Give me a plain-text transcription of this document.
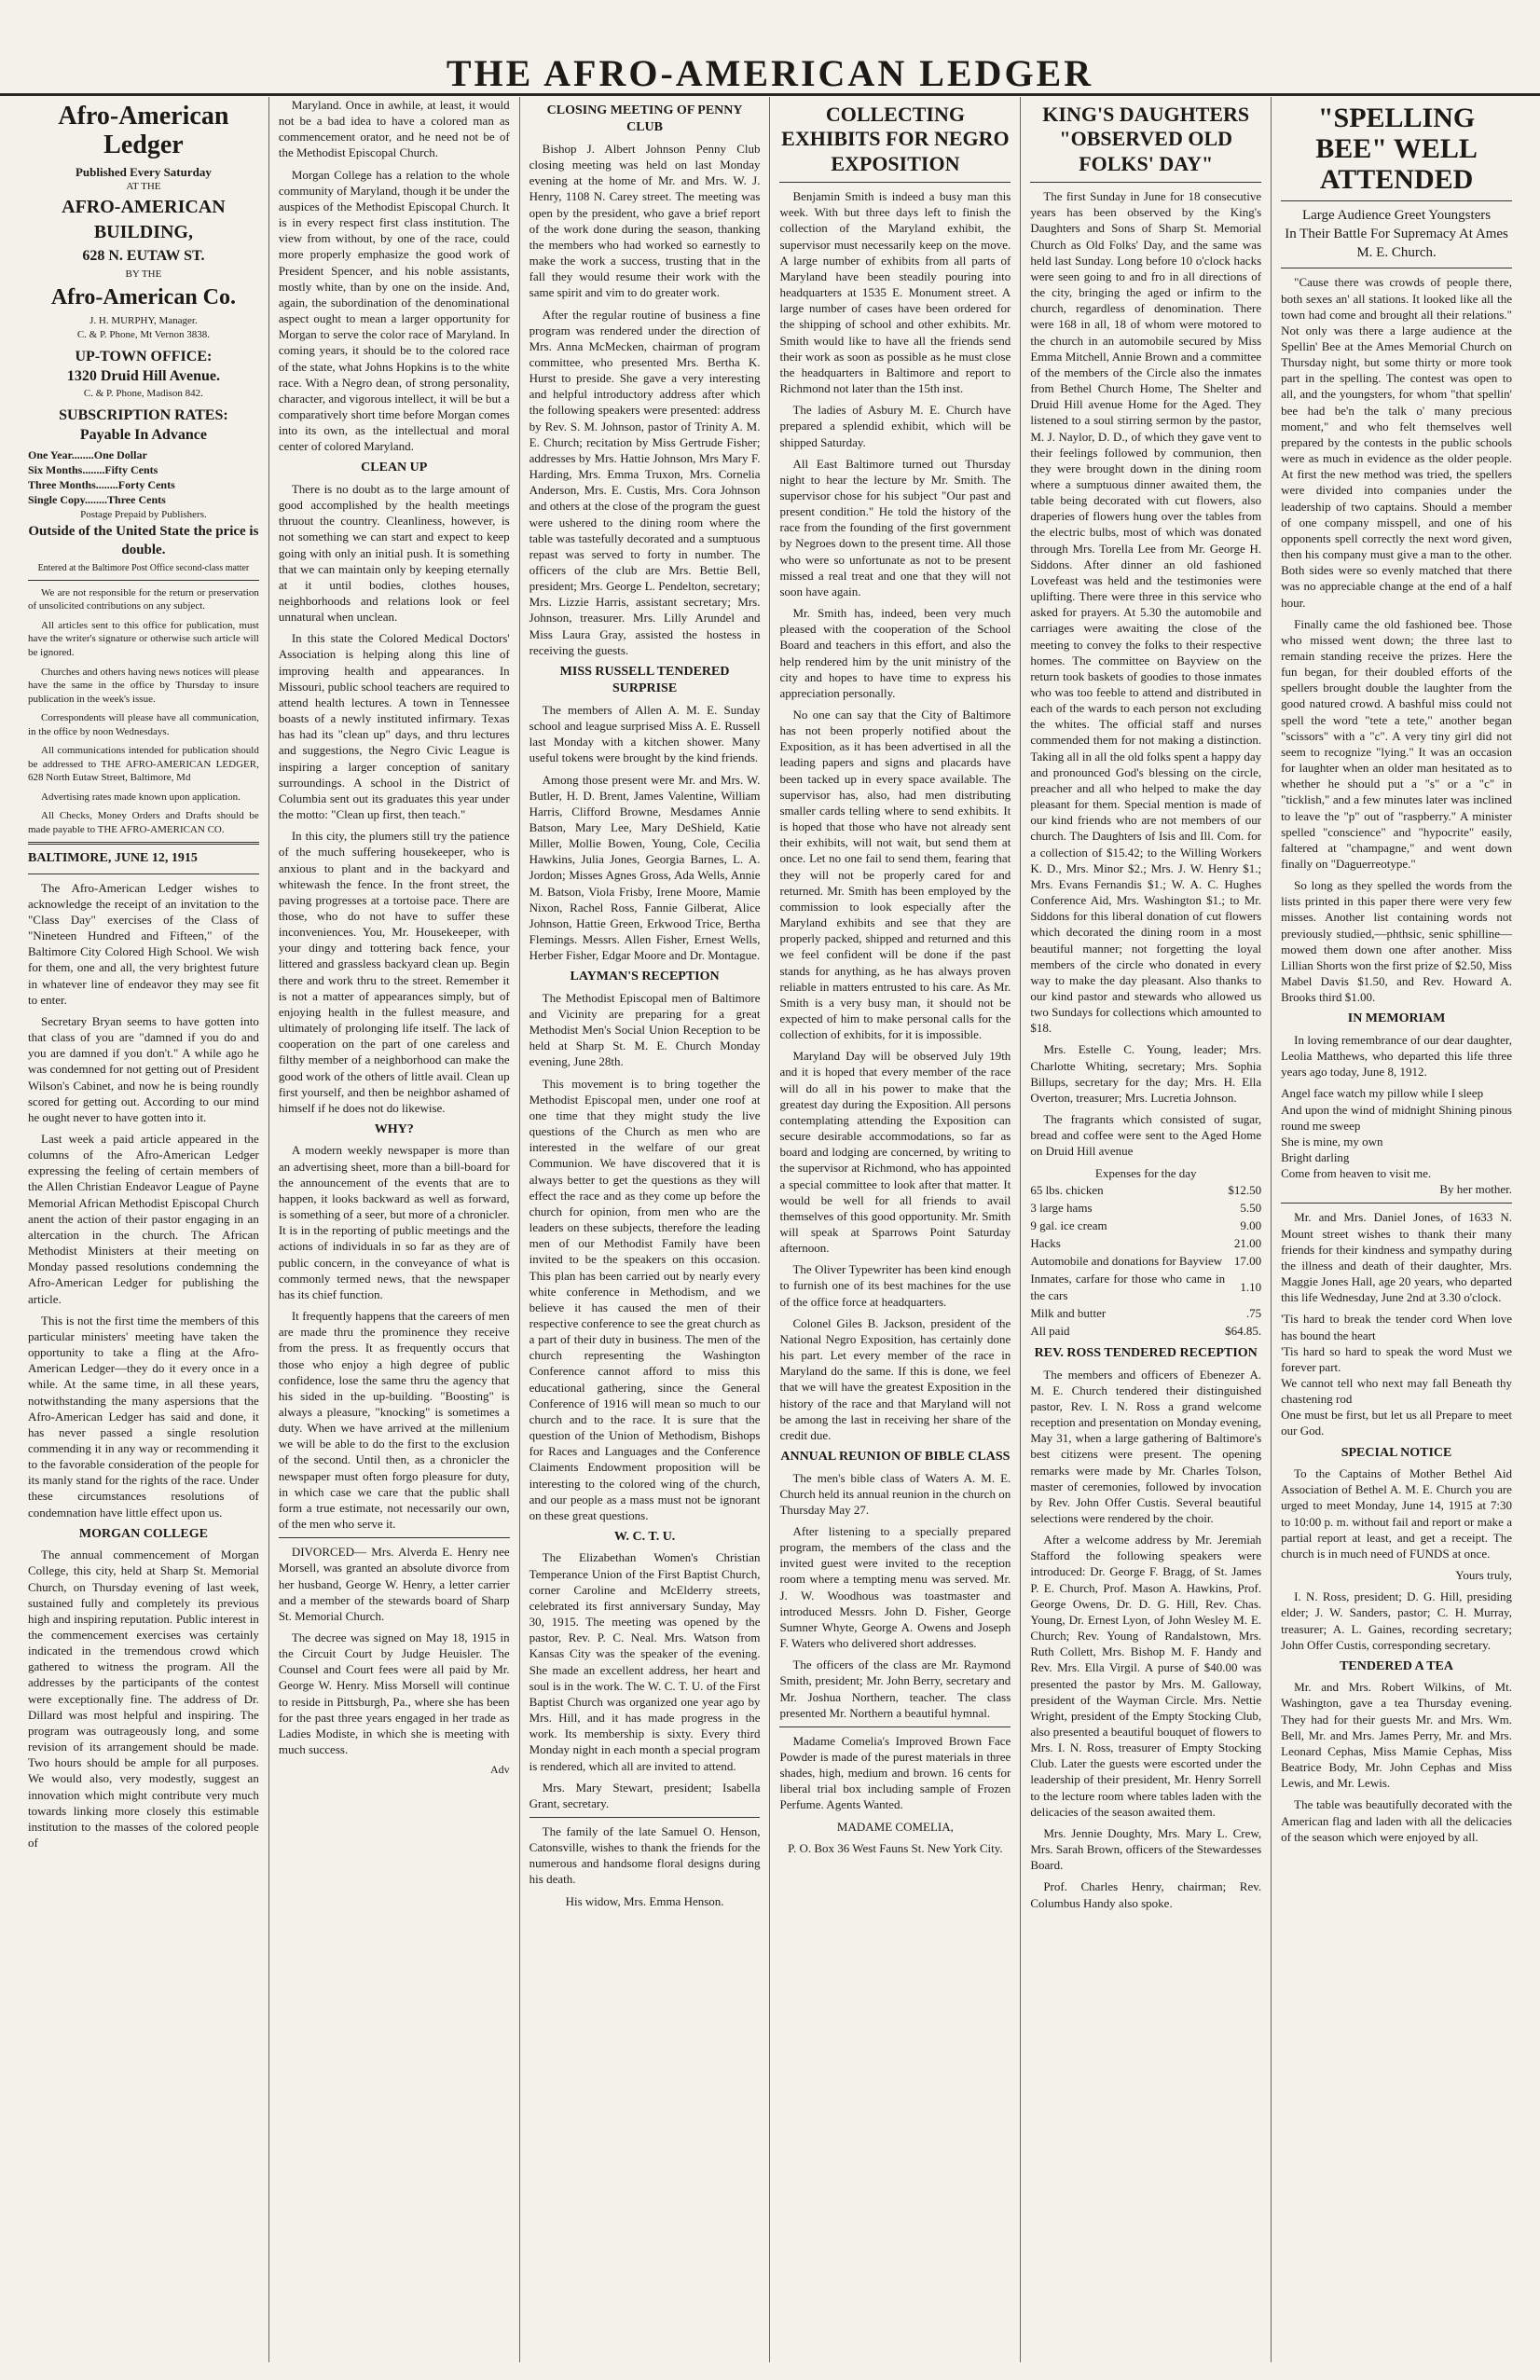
THE AFRO-AMERICAN LEDGER
Afro-American Ledger
Published Every Saturday
AT THE
AFRO-AMERICAN BUILDING,
628 N. EUTAW ST.
BY THE
Afro-American Co.
J. H. MURPHY, Manager.
C. & P. Phone, Mt Vernon 3838.
UP-TOWN OFFICE:
1320 Druid Hill Avenue.
C. & P. Phone, Madison 842.
SUBSCRIPTION RATES:
Payable In Advance
One Year........One Dollar
Six Months........Fifty Cents
Three Months........Forty Cents
Single Copy........Three Cents
Postage Prepaid by Publishers.
Outside of the United State the price is double.
Entered at the Baltimore Post Office second-class matter

We are not responsible for the return or preservation of unsolicited contributions on any subject.

All articles sent to this office for publication, must have the writer's signature or otherwise such article will be ignored.

Churches and others having news notices will please have the same in the office by Thursday to insure publication in the week's issue.

Correspondents will please have all communication, in the office by noon Wednesdays.

All communications intended for publication should be addressed to THE AFRO-AMERICAN LEDGER, 628 North Eutaw Street, Baltimore, Md

Advertising rates made known upon application.

All Checks, Money Orders and Drafts should be made payable to THE AFRO-AMERICAN CO.

BALTIMORE, JUNE 12, 1915

The Afro-American Ledger wishes to acknowledge the receipt of an invitation to the "Class Day" exercises of the Class of "Nineteen Hundred and Fifteen," of the Baltimore City Colored High School. We wish for them, one and all, the very brightest future in whatever line of endeavor they may see fit to enter.

Secretary Bryan seems to have gotten into that class of you are "damned if you do and you are damned if you don't." A while ago he was condemned for not getting out of President Wilson's Cabinet, and now he is being roundly scored for getting out. According to our mind he ought never to have gotten into it.

Last week a paid article appeared in the columns of the Afro-American Ledger expressing the feeling of certain members of the Allen Christian Endeavor League of Payne Memorial African Methodist Episcopal Church anent the action of their pastor engaging in an altercation in the church. The African Methodist Ministers at their meeting on Monday passed resolutions condemning the Afro-American Ledger for publishing the article.

This is not the first time the members of this particular ministers' meeting have taken the opportunity to take a fling at the Afro-American Ledger—they do it every once in a while. At the same time, in all these years, notwithstanding the many aspersions that the Afro-American Ledger has said and done, it has never passed a single resolution commending it in any way or recommending it to the favorable consideration of the people for its manly stand for the rights of the race. Under these circumstances resolutions of condemnation have little effect upon us.

MORGAN COLLEGE

The annual commencement of Morgan College, this city, held at Sharp St. Memorial Church, on Thursday evening of last week, sustained fully and completely its previous high and inspiring reputation. Public interest in the commencement exercises was certainly indicated in the tremendous crowd which gathered to witness the program. All the addresses by the participants of the contest were exceptionally fine. The address of Dr. Dillard was most helpful and inspiring. The program was outrageously long, and some revision of its arrangement should be made. Two hours should be ample for all purposes. We would also, very modestly, suggest an innovation which might contribute very much towards linking more closely this estimable institution to the masses of the colored people of

Maryland. Once in awhile, at least, it would not be a bad idea to have a colored man as commencement orator, and he need not be of the Methodist Episcopal Church.

Morgan College has a relation to the whole community of Maryland, though it be under the auspices of the Methodist Episcopal Church. It is in every respect first class institution. The view from without, by one of the race, could more properly emphasize the good work of President Spencer, and his noble assistants, mostly white, than by one on the inside. And, again, the subordination of the denominational aspect ought to mean a larger opportunity for Morgan to serve the color race of Maryland. In coming years, it should be to the colored race of the state, what Johns Hopkins is to the white race. With a Negro dean, of strong personality, character, and vigorous intellect, it will be but a comparatively short time before Morgan comes into its own, as the intellectual and moral center of colored Maryland.

CLEAN UP

There is no doubt as to the large amount of good accomplished by the health meetings thruout the country. Cleanliness, however, is not something we can start and expect to keep going with only an initial push. It is something that we can maintain only by keeping eternally at it until bodies, clothes houses, neighborhoods and relations look or feel unnatural when unclean.

In this state the Colored Medical Doctors' Association is helping along this line of improving health and appearances. In Missouri, public school teachers are required to attend health lectures. A town in Tennessee boasts of a newly instituted infirmary. Texas has had its "clean up" days, and thru lectures and suggestions, the Negro Civic League is inspiring a larger conception of sanitary surroundings. A school in the District of Columbia sent out its graduates this year under the motto: "Clean up first, then teach."

In this city, the plumers still try the patience of the much suffering housekeeper, who is anxious to plant and in the backyard and whitewash the fence. In the front street, the paving progresses at a tortoise pace. There are those, who do not have to suffer these inconveniences. You, Mr. Housekeeper, with your dingy and tottering back fence, your littered and grassless backyard clean up. Begin there and work thru to the street. Remember it is not a matter of appearances simply, but of enjoying health in the fullest measure, and ultimately of prolonging life itself. The lack of cooperation on the part of one careless and filthy member of a neighborhood can make the good work of the others of little avail. Clean up first yourself, and then be neighbor ashamed of himself if he does not do likewise.

WHY?

A modern weekly newspaper is more than an advertising sheet, more than a bill-board for the announcement of the events that are to happen, it looks backward as well as forward, is something of a seer, but more of a chronicler. It is in the reporting of public meetings and the actions of individuals in so far as they are of public concern, in the conveyance of what is commonly termed news, that the newspaper has its chief function.

It frequently happens that the careers of men are made thru the prominence they receive from the press. It as frequently occurs that those who enjoy a high degree of public confidence, lose the same thru the agency that his sided in the up-building. "Boosting" is always a pleasure, "knocking" is sometimes a duty. When we have arrived at the millenium we will be able to do the first to the exclusion of the second. Until then, as a chronicler the newspaper must often forgo pleasure for duty, in which case we care that the public shall form a true estimate, not necessarily our own, of the men who serve it.

DIVORCED— Mrs. Alverda E. Henry nee Morsell, was granted an absolute divorce from her husband, George W. Henry, a letter carrier and a member of the stewards board of Sharp St. Memorial Church.

The decree was signed on May 18, 1915 in the Circuit Court by Judge Heuisler. The Counsel and Court fees were all paid by Mr. George W. Henry. Miss Morsell will continue to reside in Pittsburgh, Pa., where she has been for the past three years engaged in her trade as Ladies Modiste, in which she is meeting with much success.

Adv
CLOSING MEETING OF PENNY CLUB

Bishop J. Albert Johnson Penny Club closing meeting was held on last Monday evening at the home of Mr. and Mrs. W. J. Henry, 1108 N. Carey street. The meeting was open by the president, who gave a brief report of the work done during the season, thanking the members who had worked so earnestly to make the work a success, trusting that in the fall they would resume their work with the same spirit and vim to do greater work.

After the regular routine of business a fine program was rendered under the direction of Mrs. Anna McMecken, chairman of program committee, who presented Mrs. Bertha K. Hurst to preside. She gave a very interesting and helpful introductory address after which the following speakers were presented: address by Rev. S. M. Johnson, pastor of Trinity A. M. E. Church; recitation by Miss Gertrude Fisher; addresses by Mrs. Hattie Johnson, Mrs Mary F. Harding, Mrs. Emma Truxon, Mrs. Cornelia Anderson, Mrs. E. Custis, Mrs. Cora Johnson and others at the close of the program the guest were ushered to the dining room where the table was tastefully decorated and a sumptuous repast was served to forty in number. The officers of the club are Mrs. Bettie Bell, president; Mrs. George L. Pendelton, secretary; Mrs. Lizzie Harris, assistant secretary; Mrs. Johnson, treasurer. Mrs. Lilly Arundel and Miss Laura Gray, assisted the hostess in receiving the guests.

MISS RUSSELL TENDERED SURPRISE

The members of Allen A. M. E. Sunday school and league surprised Miss A. E. Russell last Monday with a kitchen shower. Many useful tokens were brought by the kind friends.

Among those present were Mr. and Mrs. W. Butler, H. D. Brent, James Valentine, William Harris, Clifford Browne, Mesdames Annie Batson, Mary Lee, Mary DeShield, Katie Miller, Mollie Bowen, Young, Cole, Cecilia Hawkins, Julia Jones, Georgia Barnes, L. A. Jordon; Misses Agnes Gross, Ada Wells, Annie M. Batson, Viola Frisby, Irene Moore, Mamie Nixon, Rachel Ross, Fannie Gilberat, Alice Johnson, Hattie Green, Erkwood Trice, Bertha Flemings. Messrs. Allen Fisher, Ernest Wells, Herber Fisher, Edgar Moore and Dr. Montague.

LAYMAN'S RECEPTION

The Methodist Episcopal men of Baltimore and Vicinity are preparing for a great Methodist Men's Social Union Reception to be held at Sharp St. M. E. Church Monday evening, June 28th.

This movement is to bring together the Methodist Episcopal men, under one roof at one time that they might study the live questions of the Church as men who are interested in the welfare of our great Communion. We have discovered that it is always better to get the questions as they will effect the race and as they come up before the church for opinion, from men who are the leaders on these subjects, therefore the leading men of our Methodist Family have been invited to be the speakers on this occasion. This plan has been carried out by nearly every white conference in Methodism, and we believe it has caused the men of their respective conference to see the great church as a part of their duty in business. The men of the church representing the Washington Conference cannot afford to miss this educational gathering, since the General Conference of 1916 will mean so much to our church and to the race. It is sure that the question of the Union of Methodism, Bishops for Races and Languages and the Conference Claiments Endowment proposition will be interesting to the colored wing of the church, and our people as a mass must not be ignorant on these great questions.

W. C. T. U.

The Elizabethan Women's Christian Temperance Union of the First Baptist Church, corner Caroline and McElderry streets, celebrated its first anniversary Sunday, May 30, 1915. The meeting was opened by the pastor, Rev. P. C. Neal. Mrs. Watson from Kansas City was the speaker of the evening. She made an excellent address, her heart and soul is in the work. The W. C. T. U. of the First Baptist Church was organized one year ago by Mrs. Hill, and it has made progress in the work. Its membership is sixty. Every third Monday night in each month a special program is rendered, which all are invited to attend.

Mrs. Mary Stewart, president; Isabella Grant, secretary.

The family of the late Samuel O. Henson, Catonsville, wishes to thank the friends for the numerous and handsome floral designs during his death.

His widow, Mrs. Emma Henson.

COLLECTING EXHIBITS FOR NEGRO EXPOSITION

Benjamin Smith is indeed a busy man this week. With but three days left to finish the collection of the Maryland exhibit, the supervisor must necessarily keep on the move. A large number of exhibits from all parts of Maryland have been steadily pouring into headquarters at 1535 E. Monument street. A large number of cases have been ordered for the shipping of school and other exhibits. Mr. Smith would like to have all the friends send their work as soon as possible as he must close the headquarters in Baltimore and report to Richmond not later than the 15th inst.

The ladies of Asbury M. E. Church have prepared a splendid exhibit, which will be shipped Saturday.

All East Baltimore turned out Thursday night to hear the lecture by Mr. Smith. The supervisor chose for his subject "Our past and present condition." He told the history of the race from the founding of the first government by Negroes down to the present time. All those who were so unfortunate as not to be present missed a real treat and one that they will not soon have again.

Mr. Smith has, indeed, been very much pleased with the cooperation of the School Board and teachers in this effort, and also the help rendered him by the unit ministry of the city and hopes to have time to express his appreciation personally.

No one can say that the City of Baltimore has not been properly notified about the Exposition, as it has been advertised in all the leading papers and signs and placards have been tacked up in every space available. The supervisor has, also, had men distributing smaller cards telling where to send exhibits. It is hoped that those who have not already sent their exhibits, will not wait, but send them at once. Let no one fail to send them, fearing that they will not be properly cared for and returned. Mr. Smith has been employed by the commission to look especially after the Maryland exhibits and see that they are properly packed, shipped and returned and this we feel confident will be done if the past stands for anything, as he has always proven reliable in matters entrusted to his care. As Mr. Smith is a very busy man, it should not be expected of him to make personal calls for the collection of exhibits, for it is impossible.

Maryland Day will be observed July 19th and it is hoped that every member of the race will do all in his power to make that the greatest day during the Exposition. All persons contemplating attending the Exposition can secure desirable accommodations, so far as board and lodging are concerned, by writing to the supervisor at Richmond, who has appointed a special committee to look after that matter. It would be well for all friends to avail themselves of this good opportunity. Mr. Smith will speak at Sparrows Point Saturday afternoon.

The Oliver Typewriter has been kind enough to furnish one of its best machines for the use of the office force at headquarters.

Colonel Giles B. Jackson, president of the National Negro Exposition, has certainly done his part. Let every member of the race in Maryland do the same. If this is done, we feel that we will have the greatest Exposition in the history of the race and that Maryland will not be among the last in receiving her share of the credit due.

ANNUAL REUNION OF BIBLE CLASS

The men's bible class of Waters A. M. E. Church held its annual reunion in the church on Thursday May 27.

After listening to a specially prepared program, the members of the class and the invited guest were invited to the reception room where a tempting menu was served. Mr. J. W. Woodhous was toastmaster and introduced Messrs. John D. Fisher, George Sumner Whyte, George A. Owens and Joseph F. Waters who delivered short addresses.

The officers of the class are Mr. Raymond Smith, president; Mr. John Berry, secretary and Mr. Joshua Northern, teacher. The class presented Mr. Northern a beautiful hymnal.

Madame Comelia's Improved Brown Face Powder is made of the purest materials in three shades, high, medium and brown. 16 cents for liberal trial box including sample of Frozen Perfume. Agents Wanted.

MADAME COMELIA,

P. O. Box 36 West Fauns St. New York City.

KING'S DAUGHTERS "OBSERVED OLD FOLKS' DAY"

The first Sunday in June for 18 consecutive years has been observed by the King's Daughters and Sons of Sharp St. Memorial Church as Old Folks' Day, and the same was held last Sunday. Long before 10 o'clock hacks were seen going to and fro in all directions of the city, bringing the aged or infirm to the church, regardless of denomination. There were 168 in all, 18 of whom were motored to the church in an automobile secured by Miss Emma Mitchell, Annie Brown and a committee of the members of the Circle also the inmates from Bethel Church Home, The Shelter and Druid Hill avenue Home for the Aged. They listened to a soul stirring sermon by the pastor, M. J. Naylor, D. D., of which they gave vent to their feelings followed by communion, then they were brought down in the dining room where a sumptuous dinner awaited them, the table being decorated with cut flowers, also draperies of flowers hung over the tables from the electric bulbs, most of which was donated through Mrs. Torella Lee from Mr. George H. Siddons. After dinner an old fashioned Lovefeast was held and the testimonies were uplifting. There were three in this service who asked for prayers. At 5.30 the automobile and carriages were awaiting the close of the meeting to convey the folks to their respective homes. The committee on Bayview on the return took baskets of goodies to those inmates who was too feeble to attend and distributed in each of the wards to each person not excluding the whites. The official staff and nurses commended them for not making a distinction. Taking all in all the old folks spent a happy day and pronounced God's blessing on the circle, preacher and all who helped to make the day pleasant for them. Special mention is made of our kind friends who are not members of our church. The Daughters of Isis and Ill. Com. for a collection of $15.42; to the Willing Workers K. D., Mrs. Minor $2.; Mrs. J. W. Henry $1.; Mrs. Evans Fernandis $1.; W. A. C. Hughes Conference Aid, Mrs. Washington $1.; to Mr. Siddons for this liberal donation of cut flowers which decorated the dining room in a most beautiful manner; not forgetting the loyal members of the circle who donated in every way to make the day pleasant. Also thanks to our kind pastor and stewards who allowed us two Sundays for collections which amounted to $18.

Mrs. Estelle C. Young, leader; Mrs. Charlotte Whiting, secretary; Mrs. Sophia Billups, secretary for the day; Mrs. H. Ella Overton, treasurer; Mrs. Lucretia Johnson.

The fragrants which consisted of sugar, bread and coffee were sent to the Aged Home on Druid Hill avenue

Expenses for the day
65 lbs. chicken	$12.50
3 large hams	5.50
9 gal. ice cream	9.00
Hacks	21.00
Automobile and donations for Bayview	17.00
Inmates, carfare for those who came in the cars	1.10
Milk and butter	.75
All paid	$64.85.
REV. ROSS TENDERED RECEPTION

The members and officers of Ebenezer A. M. E. Church tendered their distinguished pastor, Rev. I. N. Ross a grand welcome reception and presentation on Monday evening, May 31, when a large gathering of Baltimore's best citizens were present. The opening remarks were made by Mr. Charles Tolson, master of ceremonies, followed by invocation by Rev. John Offer Custis. Several beautiful selections were rendered by the choir.

After a welcome address by Mr. Jeremiah Stafford the following speakers were introduced: Dr. George F. Bragg, of St. James P. E. Church, Prof. Mason A. Hawkins, Prof. George Owens, Dr. D. G. Hill, Rev. Chas. Young, Dr. Ernest Lyon, of John Wesley M. E. Church; Rev. Young of Randalstown, Mrs. Ruth Collett, Mrs. Bishop M. F. Handy and Rev. Mrs. Ella Virgil. A purse of $40.00 was presented the pastor by Mrs. M. Galloway, president of the Wayman Circle. Mrs. Nettie Wright, president of the Empty Stocking Club, also presented a beautiful bouquet of flowers to Mrs. I. N. Ross, treasurer of Empty Stocking Club. Later the guests were escorted under the leadership of their president, Mr. Henry Sorrell to the lecture room where tables laden with the delicacies of the season awaited them.

Mrs. Jennie Doughty, Mrs. Mary L. Crew, Mrs. Sarah Brown, officers of the Stewardesses Board.

Prof. Charles Henry, chairman; Rev. Columbus Handy also spoke.

"SPELLING BEE" WELL ATTENDED
Large Audience Greet Youngsters
In Their Battle For Supremacy At Ames M. E. Church.

"Cause there was crowds of people there, both sexes an' all stations. It looked like all the town had come and brought all their relations." Not only was there a large audience at the Spellin' Bee at the Ames Memorial Church on Thursday night, but some thirty or more took part in the spelling. The contest was open to all, and the youngsters, for whom "that spellin' bee had be'n the talk o' many precious moment," and who felt themselves well prepared by the contests in the public schools were as much in evidence as the older people. At first the new method was tried, the spellers were divided into companies under the leadership of two captains. Should a member of one company misspell, and one of his opponents spell correctly the next word given, then his company must give a man to the other. Both sides were so evenly matched that there was no appreciable change at the end of a half hour.

Finally came the old fashioned bee. Those who missed went down; the three last to remain standing receive the prizes. Here the fun began, for their doubled efforts of the spellers brought double the laughter from the good natured crowd. A bashful miss could not spell the word "tete a tete," another began "scissors" with a "c". A very tiny girl did not seem to recognize "lying." It was an occasion for laughter when an older man hesitated as to whether he should put a "s" or a "c" in "ticklish," and a few minutes later was inclined to leave the "p" out of "raspberry." A minister spelled "conscience" and "hypocrite" easily, faltered at "champagne," and went down finally on "Daguerreotype."

So long as they spelled the words from the lists printed in this paper there were very few misses. Another list containing words not previously studied,—phthsic, senic sphilline—mowed them down one after another. Miss Lillian Shorts won the first prize of $2.50, Miss Mabel Davis $1.50, and Rev. Howard A. Brooks third $1.00.

IN MEMORIAM

In loving remembrance of our dear daughter, Leolia Matthews, who departed this life three years ago today, June 8, 1912.

Angel face watch my pillow while I sleep
And upon the wind of midnight Shining pinous round me sweep
She is mine, my own
Bright darling
Come from heaven to visit me.
By her mother.

Mr. and Mrs. Daniel Jones, of 1633 N. Mount street wishes to thank their many friends for their kindness and sympathy during the illness and death of their daughter, Mrs. Maggie Jones Hall, age 20 years, who departed this life Wednesday, June 2nd at 3.30 o'clock.

'Tis hard to break the tender cord When love has bound the heart
'Tis hard so hard to speak the word Must we forever part.
We cannot tell who next may fall Beneath thy chastening rod
One must be first, but let us all Prepare to meet our God.
SPECIAL NOTICE

To the Captains of Mother Bethel Aid Association of Bethel A. M. E. Church you are urged to meet Monday, June 14, 1915 at 7:30 to 10:00 p. m. without fail and report or make a partial report at least, and get a receipt. The church is in much need of FUNDS at once.

Yours truly,

I. N. Ross, president; D. G. Hill, presiding elder; J. W. Sanders, pastor; C. H. Murray, treasurer; A. L. Gaines, recording secretary; John Offer Custis, corresponding secretary.

TENDERED A TEA

Mr. and Mrs. Robert Wilkins, of Mt. Washington, gave a tea Thursday evening. They had for their guests Mr. and Mrs. Wm. Bell, Mr. and Mrs. James Perry, Mr. and Mrs. Leonard Cephas, Miss Mamie Cephas, Miss Beatrice Body, Mr. John Cephas and Miss Lewis, and Mr. Lewis.

The table was beautifully decorated with the American flag and laden with all the delicacies of the season which were enjoyed by all.
